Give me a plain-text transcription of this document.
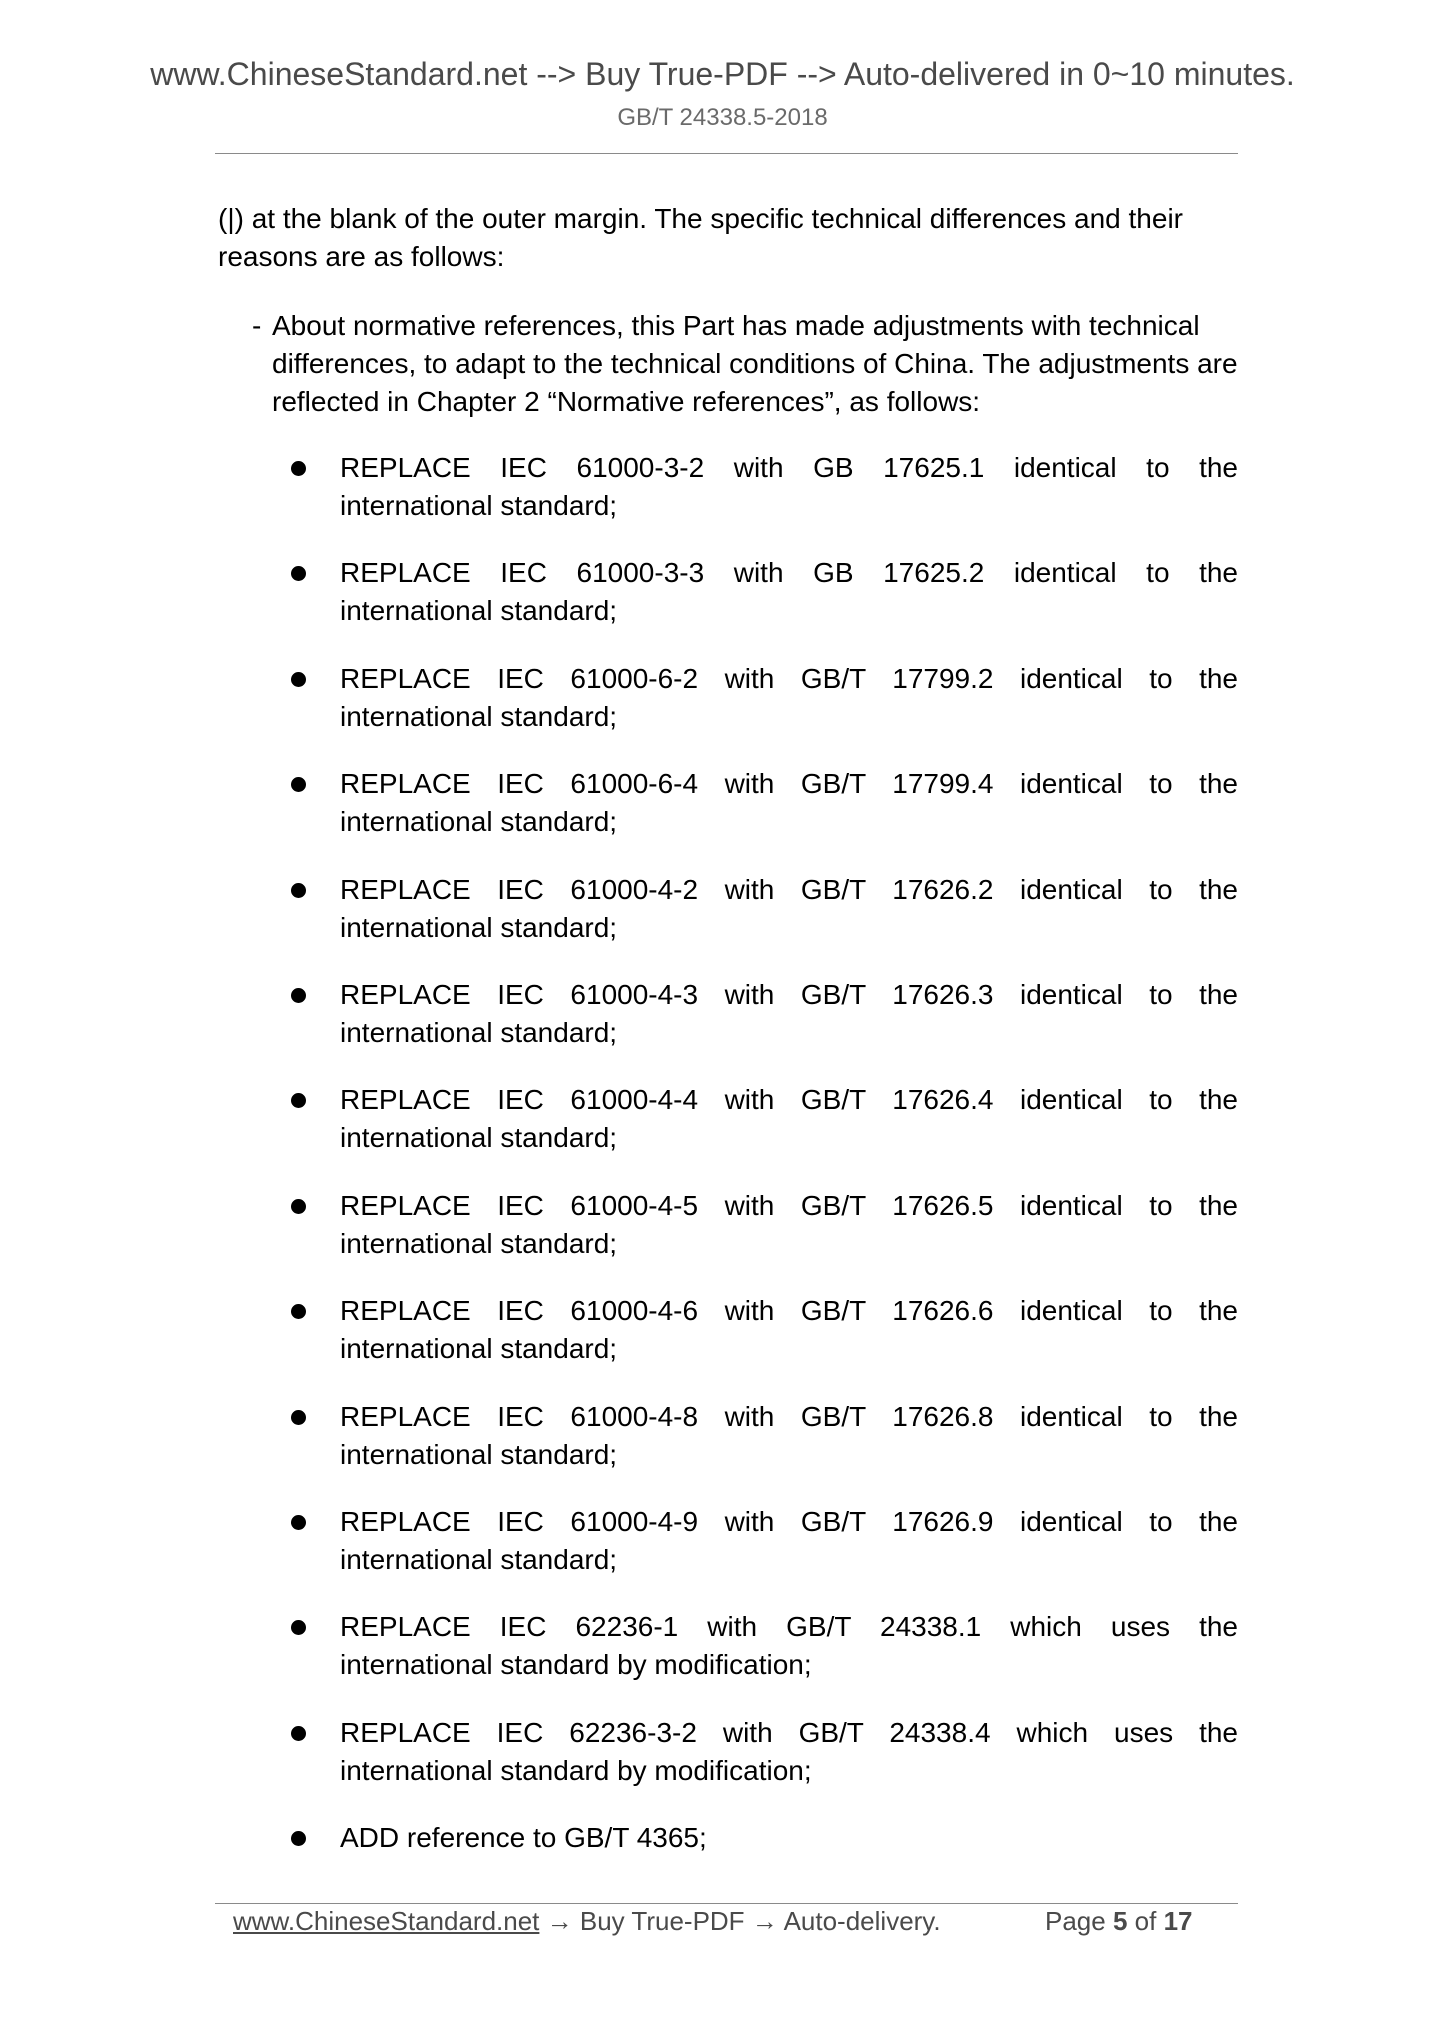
www.ChineseStandard.net --> Buy True-PDF --> Auto-delivered in 0~10 minutes.
GB/T 24338.5-2018
(|) at the blank of the outer margin. The specific technical differences and their reasons are as follows:
- About normative references, this Part has made adjustments with technical differences, to adapt to the technical conditions of China. The adjustments are reflected in Chapter 2 “Normative references”, as follows:
REPLACE IEC 61000-3-2 with GB 17625.1 identical to the
international standard;
REPLACE IEC 61000-3-3 with GB 17625.2 identical to the
international standard;
REPLACE IEC 61000-6-2 with GB/T 17799.2 identical to the
international standard;
REPLACE IEC 61000-6-4 with GB/T 17799.4 identical to the
international standard;
REPLACE IEC 61000-4-2 with GB/T 17626.2 identical to the
international standard;
REPLACE IEC 61000-4-3 with GB/T 17626.3 identical to the
international standard;
REPLACE IEC 61000-4-4 with GB/T 17626.4 identical to the
international standard;
REPLACE IEC 61000-4-5 with GB/T 17626.5 identical to the
international standard;
REPLACE IEC 61000-4-6 with GB/T 17626.6 identical to the
international standard;
REPLACE IEC 61000-4-8 with GB/T 17626.8 identical to the
international standard;
REPLACE IEC 61000-4-9 with GB/T 17626.9 identical to the
international standard;
REPLACE IEC 62236-1 with GB/T 24338.1 which uses the
international standard by modification;
REPLACE IEC 62236-3-2 with GB/T 24338.4 which uses the
international standard by modification;
ADD reference to GB/T 4365;
www.ChineseStandard.net → Buy True-PDF → Auto-delivery.	Page 5 of 17
